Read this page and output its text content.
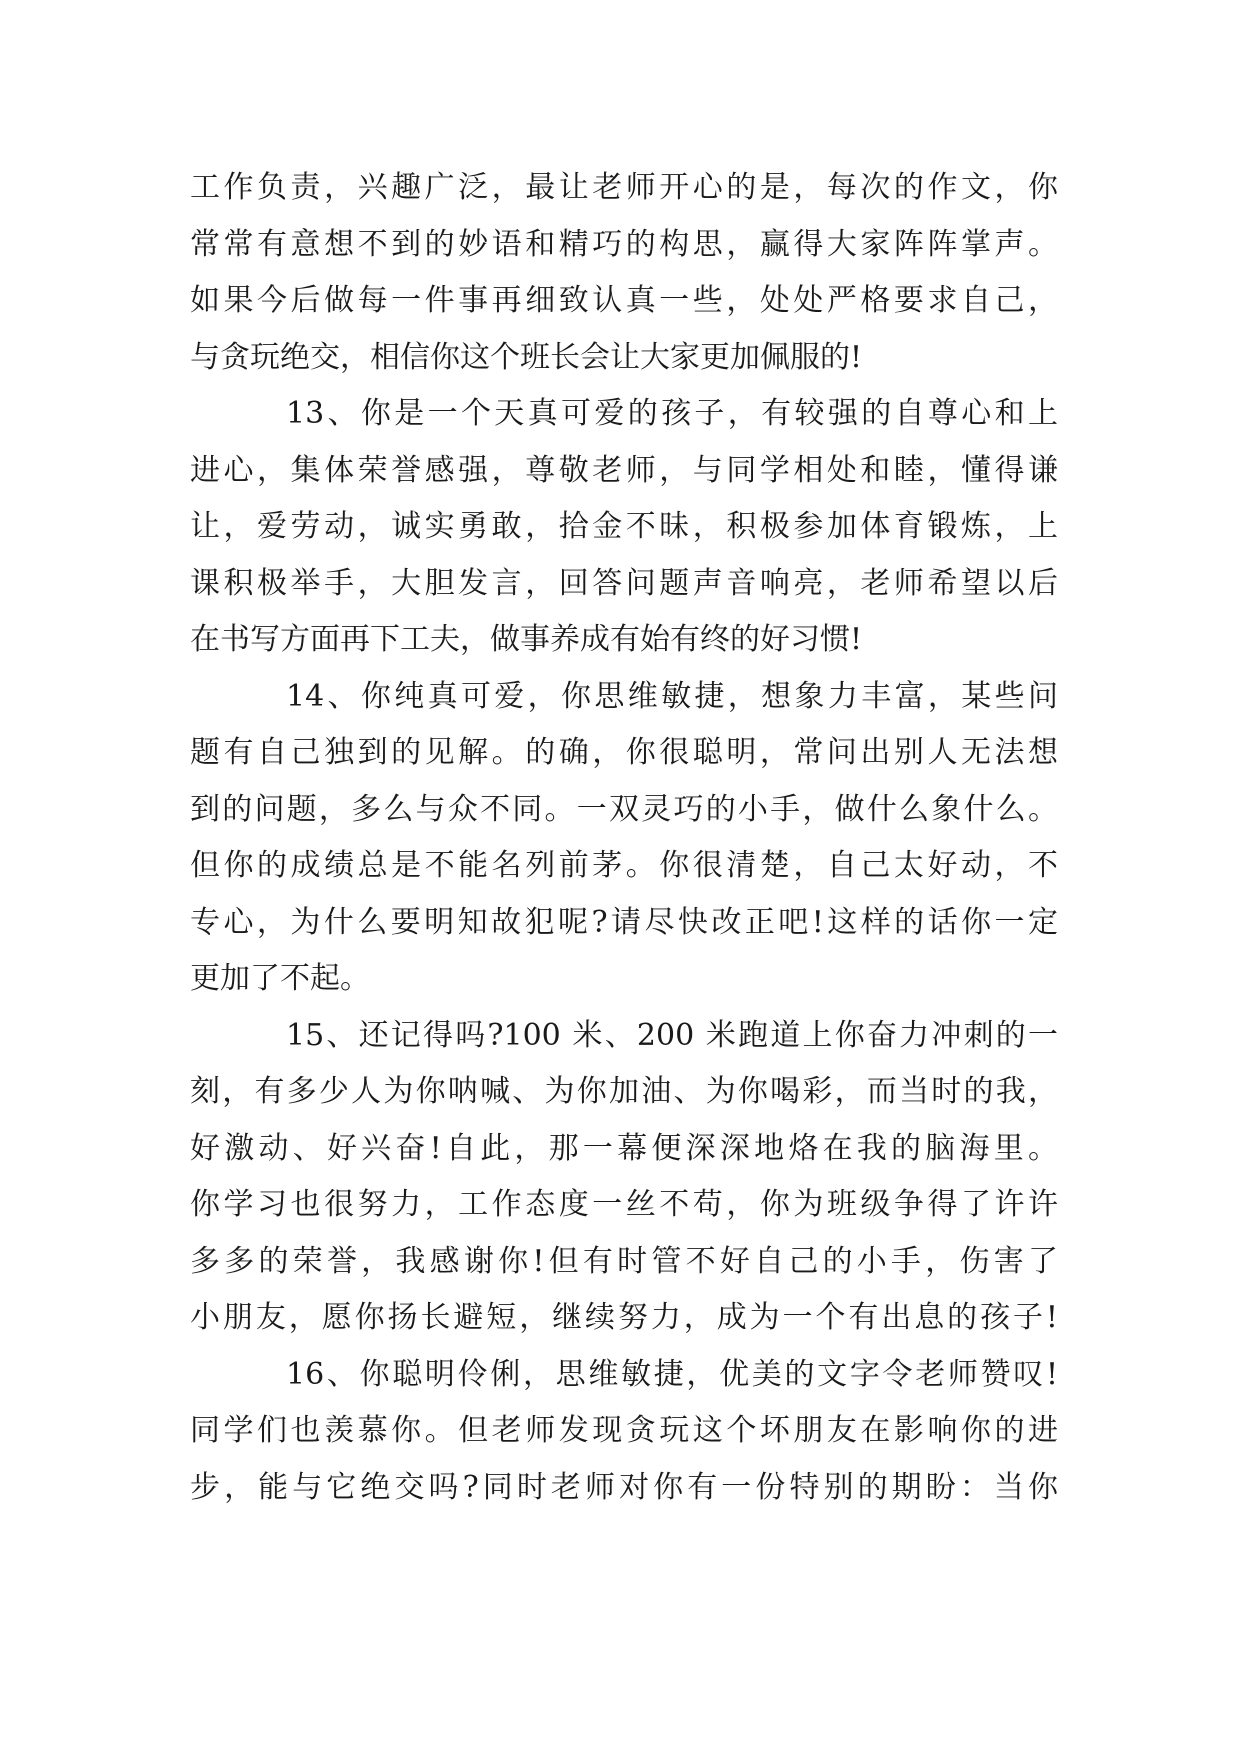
工作负责，兴趣广泛，最让老师开心的是，每次的作文，你
常常有意想不到的妙语和精巧的构思，赢得大家阵阵掌声。
如果今后做每一件事再细致认真一些，处处严格要求自己，
与贪玩绝交，相信你这个班长会让大家更加佩服的!
13、你是一个天真可爱的孩子，有较强的自尊心和上
进心，集体荣誉感强，尊敬老师，与同学相处和睦，懂得谦
让，爱劳动，诚实勇敢，拾金不昧，积极参加体育锻炼，上
课积极举手，大胆发言，回答问题声音响亮，老师希望以后
在书写方面再下工夫，做事养成有始有终的好习惯!
14、你纯真可爱，你思维敏捷，想象力丰富，某些问
题有自己独到的见解。的确，你很聪明，常问出别人无法想
到的问题，多么与众不同。一双灵巧的小手，做什么象什么。
但你的成绩总是不能名列前茅。你很清楚，自己太好动，不
专心，为什么要明知故犯呢?请尽快改正吧!这样的话你一定
更加了不起。
15、还记得吗?100 米、200 米跑道上你奋力冲刺的一
刻，有多少人为你呐喊、为你加油、为你喝彩，而当时的我，
好激动、好兴奋!自此，那一幕便深深地烙在我的脑海里。
你学习也很努力，工作态度一丝不苟，你为班级争得了许许
多多的荣誉，我感谢你!但有时管不好自己的小手，伤害了
小朋友，愿你扬长避短，继续努力，成为一个有出息的孩子!
16、你聪明伶俐，思维敏捷，优美的文字令老师赞叹!
同学们也羡慕你。但老师发现贪玩这个坏朋友在影响你的进
步，能与它绝交吗?同时老师对你有一份特别的期盼：当你
